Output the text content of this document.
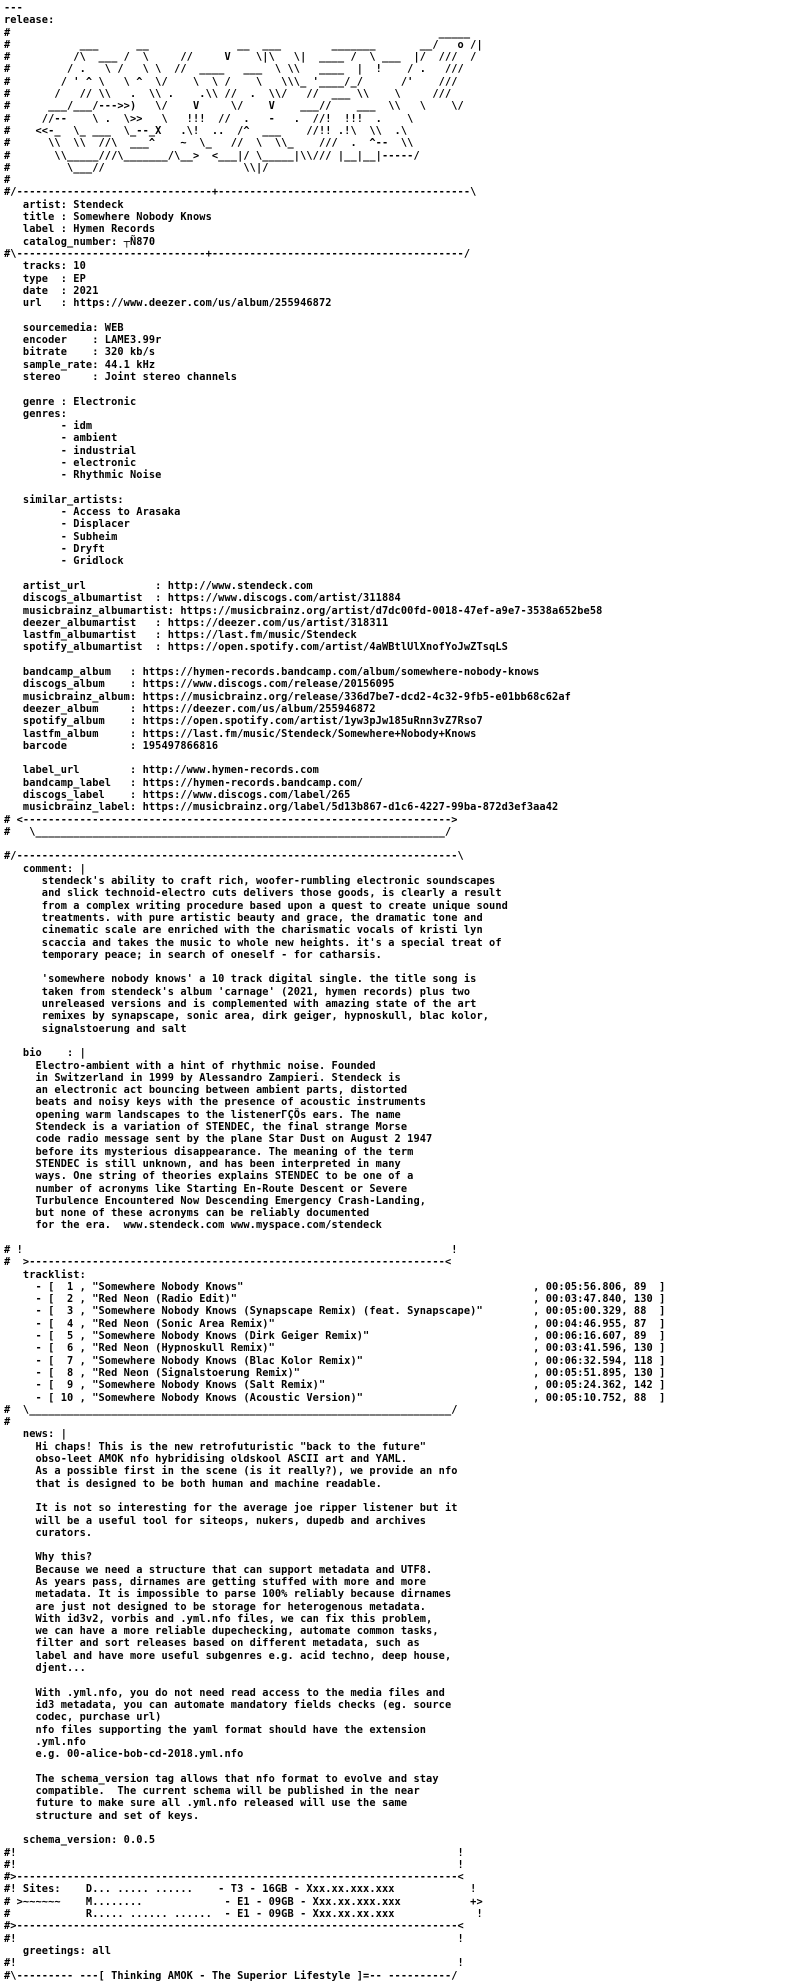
---
release:
#                                                                    _____
#           ___      __              __  ___        _______       __/   o /|
#          /\  ___ /  \     //     V    \|\   \|  ____ /  \ ___  |/  ///  /
#         / .   \ /   \ \  //  ____   ___  \ \\   ____  |  !    / .   ///
#        / ' ^ \   \ ^  \/    \  \ /    \   \\\_ '____/_/      /'    ///
#       /   // \\   .  \\ .    .\\ //  .  \\/   //  ___ \\    \     ///
#      ___/___/--->>)   \/    V     \/    V    ___//    ___  \\   \    \/
#     //--    \ .  \>>   \   !!!  //  .   -   .  //!  !!!  .    \
#    <<-_  \_ ___  \_--_X   .\!  ..  /^  ___    //!! .!\  \\  .\
#      \\  \\  //\  ___^    ~  \_   //  \  \\_    ///  .  ^--  \\
#       \\_____///\_______/\__>  <___|/ \_____|\\/// |__|__|-----/
#         \___//                      \\|/
#
#/-------------------------------+----------------------------------------\
artist: Stendeck
title : Somewhere Nobody Knows
label : Hymen Records
catalog_number: ┬Ñ870
#\------------------------------+----------------------------------------/
tracks: 10
type  : EP
date  : 2021
url   : https://www.deezer.com/us/album/255946872
sourcemedia: WEB
encoder    : LAME3.99r
bitrate    : 320 kb/s
sample_rate: 44.1 kHz
stereo     : Joint stereo channels
genre : Electronic
genres:
- idm
- ambient
- industrial
- electronic
- Rhythmic Noise
similar_artists:
- Access to Arasaka
- Displacer
- Subheim
- Dryft
- Gridlock
artist_url           : http://www.stendeck.com
discogs_albumartist  : https://www.discogs.com/artist/311884
musicbrainz_albumartist: https://musicbrainz.org/artist/d7dc00fd-0018-47ef-a9e7-3538a652be58
deezer_albumartist   : https://deezer.com/us/artist/318311
lastfm_albumartist   : https://last.fm/music/Stendeck
spotify_albumartist  : https://open.spotify.com/artist/4aWBtlUlXnofYoJwZTsqLS
bandcamp_album   : https://hymen-records.bandcamp.com/album/somewhere-nobody-knows
discogs_album    : https://www.discogs.com/release/20156095
musicbrainz_album: https://musicbrainz.org/release/336d7be7-dcd2-4c32-9fb5-e01bb68c62af
deezer_album     : https://deezer.com/us/album/255946872
spotify_album    : https://open.spotify.com/artist/1yw3pJw185uRnn3vZ7Rso7
lastfm_album     : https://last.fm/music/Stendeck/Somewhere+Nobody+Knows
barcode          : 195497866816
label_url        : http://www.hymen-records.com
bandcamp_label   : https://hymen-records.bandcamp.com/
discogs_label    : https://www.discogs.com/label/265
musicbrainz_label: https://musicbrainz.org/label/5d13b867-d1c6-4227-99ba-872d3ef3aa42
# <-------------------------------------------------------------------->
#   \_________________________________________________________________/
#/----------------------------------------------------------------------\
comment: |
stendeck's ability to craft rich, woofer-rumbling electronic soundscapes
and slick technoid-electro cuts delivers those goods, is clearly a result
from a complex writing procedure based upon a quest to create unique sound
treatments. with pure artistic beauty and grace, the dramatic tone and
cinematic scale are enriched with the charismatic vocals of kristi lyn
scaccia and takes the music to whole new heights. it's a special treat of
temporary peace; in search of oneself - for catharsis.
'somewhere nobody knows' a 10 track digital single. the title song is
taken from stendeck's album 'carnage' (2021, hymen records) plus two
unreleased versions and is complemented with amazing state of the art
remixes by synapscape, sonic area, dirk geiger, hypnoskull, blac kolor,
signalstoerung and salt
bio    : |
Electro-ambient with a hint of rhythmic noise. Founded
in Switzerland in 1999 by Alessandro Zampieri. Stendeck is
an electronic act bouncing between ambient parts, distorted
beats and noisy keys with the presence of acoustic instruments
opening warm landscapes to the listenerΓÇÖs ears. The name
Stendeck is a variation of STENDEC, the final strange Morse
code radio message sent by the plane Star Dust on August 2 1947
before its mysterious disappearance. The meaning of the term
STENDEC is still unknown, and has been interpreted in many
ways. One string of theories explains STENDEC to be one of a
number of acronyms like Starting En-Route Descent or Severe
Turbulence Encountered Now Descending Emergency Crash-Landing,
but none of these acronyms can be reliably documented
for the era.  www.stendeck.com www.myspace.com/stendeck
# !                                                                    !
#  >------------------------------------------------------------------<
tracklist:
- [  1 , "Somewhere Nobody Knows"                                              , 00:05:56.806, 89  ]
- [  2 , "Red Neon (Radio Edit)"                                               , 00:03:47.840, 130 ]
- [  3 , "Somewhere Nobody Knows (Synapscape Remix) (feat. Synapscape)"        , 00:05:00.329, 88  ]
- [  4 , "Red Neon (Sonic Area Remix)"                                         , 00:04:46.955, 87  ]
- [  5 , "Somewhere Nobody Knows (Dirk Geiger Remix)"                          , 00:06:16.607, 89  ]
- [  6 , "Red Neon (Hypnoskull Remix)"                                         , 00:03:41.596, 130 ]
- [  7 , "Somewhere Nobody Knows (Blac Kolor Remix)"                           , 00:06:32.594, 118 ]
- [  8 , "Red Neon (Signalstoerung Remix)"                                     , 00:05:51.895, 130 ]
- [  9 , "Somewhere Nobody Knows (Salt Remix)"                                 , 00:05:24.362, 142 ]
- [ 10 , "Somewhere Nobody Knows (Acoustic Version)"                           , 00:05:10.752, 88  ]
#  \___________________________________________________________________/
#
news: |
Hi chaps! This is the new retrofuturistic "back to the future"
obso-leet AMOK nfo hybridising oldskool ASCII art and YAML.
As a possible first in the scene (is it really?), we provide an nfo
that is designed to be both human and machine readable.
It is not so interesting for the average joe ripper listener but it
will be a useful tool for siteops, nukers, dupedb and archives
curators.
Why this?
Because we need a structure that can support metadata and UTF8.
As years pass, dirnames are getting stuffed with more and more
metadata. It is impossible to parse 100% reliably because dirnames
are just not designed to be storage for heterogenous metadata.
With id3v2, vorbis and .yml.nfo files, we can fix this problem,
we can have a more reliable dupechecking, automate common tasks,
filter and sort releases based on different metadata, such as
label and have more useful subgenres e.g. acid techno, deep house,
djent...
With .yml.nfo, you do not need read access to the media files and
id3 metadata, you can automate mandatory fields checks (eg. source
codec, purchase url)
nfo files supporting the yaml format should have the extension
.yml.nfo
e.g. 00-alice-bob-cd-2018.yml.nfo
The schema_version tag allows that nfo format to evolve and stay
compatible.  The current schema will be published in the near
future to make sure all .yml.nfo released will use the same
structure and set of keys.
schema_version: 0.0.5
#!                                                                      !
#!                                                                      !
#>----------------------------------------------------------------------<
#! Sites:    D... ..... ......    - T3 - 16GB - Xxx.xx.xxx.xxx            !
# >~~~~~~    M........             - E1 - 09GB - Xxx.xx.xxx.xxx           +>
#            R..... ...... ......  - E1 - 09GB - Xxx.xx.xx.xxx             !
#>----------------------------------------------------------------------<
#!                                                                      !
greetings: all
#!                                                                      !
#\--------- ---[ Thinking AMOK - The Superior Lifestyle ]=-- ----------/
